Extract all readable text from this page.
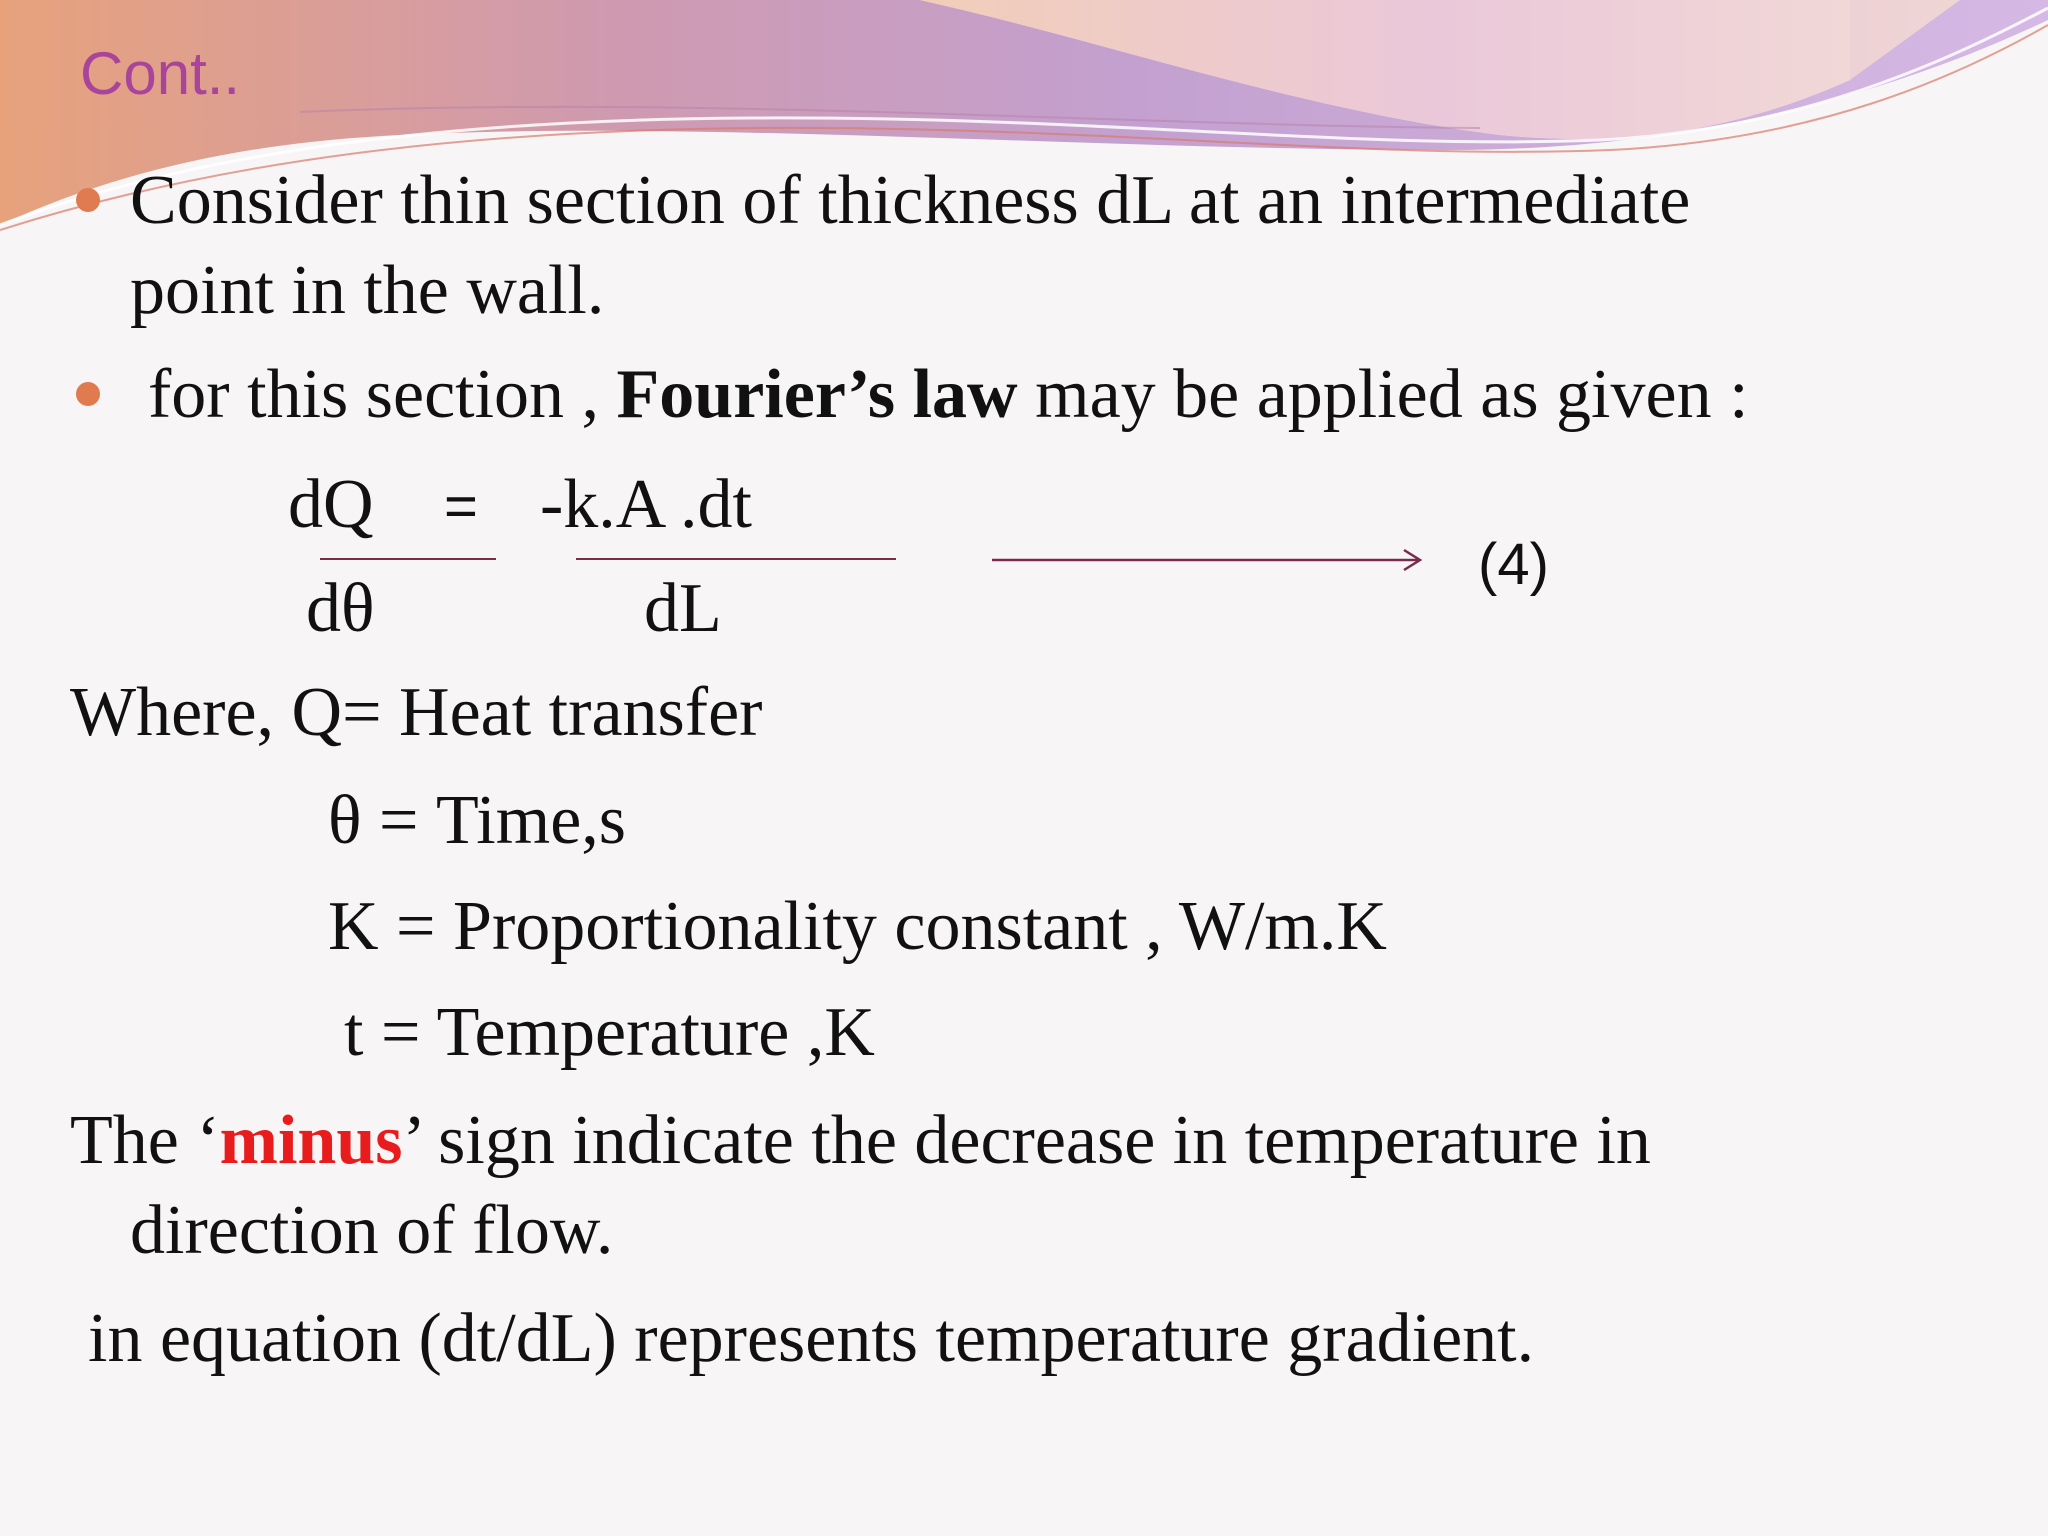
Cont..
Consider thin section of thickness dL at an intermediate
point in the wall.
for this section , Fourier’s law may be applied as given :
dQ = -k.A .dt
(4)
dθ	dL
Where, Q= Heat transfer
θ = Time,s
K = Proportionality constant , W/m.K
t = Temperature ,K
The ‘minus’ sign indicate the decrease in temperature in
direction of flow.
in equation (dt/dL) represents temperature gradient.
